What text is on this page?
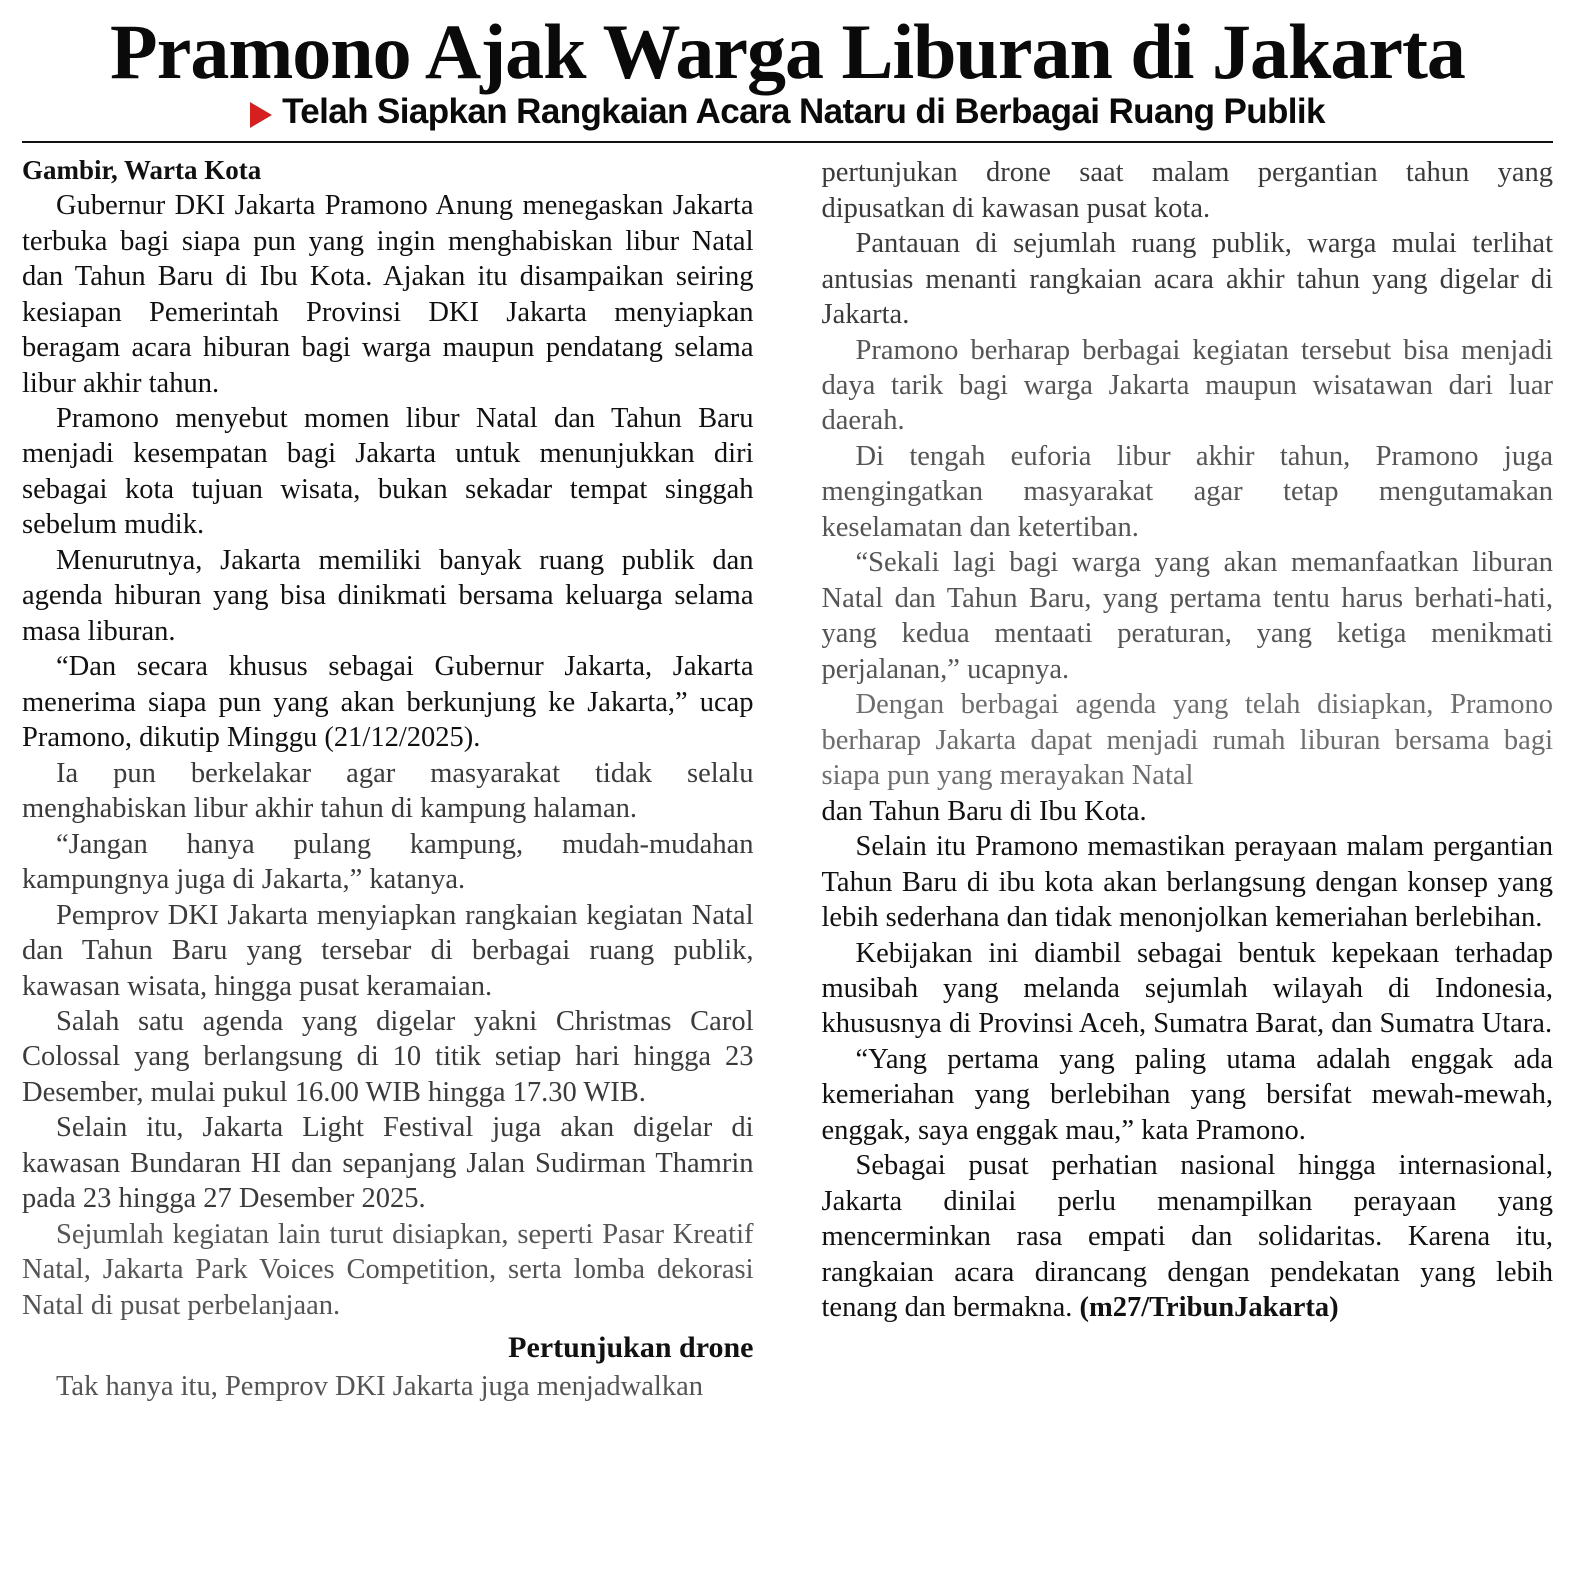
Pramono Ajak Warga Liburan di Jakarta
Telah Siapkan Rangkaian Acara Nataru di Berbagai Ruang Publik
Gambir, Warta Kota

Gubernur DKI Jakarta Pramono Anung menegaskan Jakarta terbuka bagi siapa pun yang ingin menghabiskan libur Natal dan Tahun Baru di Ibu Kota. Ajakan itu disampaikan seiring kesiapan Pemerintah Provinsi DKI Jakarta menyiapkan beragam acara hiburan bagi warga maupun pendatang selama libur akhir tahun.

Pramono menyebut momen libur Natal dan Tahun Baru menjadi kesempatan bagi Jakarta untuk menunjukkan diri sebagai kota tujuan wisata, bukan sekadar tempat singgah sebelum mudik.

Menurutnya, Jakarta memiliki banyak ruang publik dan agenda hiburan yang bisa dinikmati bersama keluarga selama masa liburan.

“Dan secara khusus sebagai Gubernur Jakarta, Jakarta menerima siapa pun yang akan berkunjung ke Jakarta,” ucap Pramono, dikutip Minggu (21/12/2025).

Ia pun berkelakar agar masyarakat tidak selalu menghabiskan libur akhir tahun di kampung halaman.

“Jangan hanya pulang kampung, mudah-mudahan kampungnya juga di Jakarta,” katanya.

Pemprov DKI Jakarta menyiapkan rangkaian kegiatan Natal dan Tahun Baru yang tersebar di berbagai ruang publik, kawasan wisata, hingga pusat keramaian.

Salah satu agenda yang digelar yakni Christmas Carol Colossal yang berlangsung di 10 titik setiap hari hingga 23 Desember, mulai pukul 16.00 WIB hingga 17.30 WIB.

Selain itu, Jakarta Light Festival juga akan digelar di kawasan Bundaran HI dan sepanjang Jalan Sudirman Thamrin pada 23 hingga 27 Desember 2025.

Sejumlah kegiatan lain turut disiapkan, seperti Pasar Kreatif Natal, Jakarta Park Voices Competition, serta lomba dekorasi Natal di pusat perbelanjaan.

Pertunjukan drone

Tak hanya itu, Pemprov DKI Jakarta juga menjadwalkan

pertunjukan drone saat malam pergantian tahun yang dipusatkan di kawasan pusat kota.

Pantauan di sejumlah ruang publik, warga mulai terlihat antusias menanti rangkaian acara akhir tahun yang digelar di Jakarta.

Pramono berharap berbagai kegiatan tersebut bisa menjadi daya tarik bagi warga Jakarta maupun wisatawan dari luar daerah.

Di tengah euforia libur akhir tahun, Pramono juga mengingatkan masyarakat agar tetap mengutamakan keselamatan dan ketertiban.

“Sekali lagi bagi warga yang akan memanfaatkan liburan Natal dan Tahun Baru, yang pertama tentu harus berhati-hati, yang kedua mentaati peraturan, yang ketiga menikmati perjalanan,” ucapnya.

Dengan berbagai agenda yang telah disiapkan, Pramono berharap Jakarta dapat menjadi rumah liburan bersama bagi siapa pun yang merayakan Natal

dan Tahun Baru di Ibu Kota.

Selain itu Pramono memastikan perayaan malam pergantian Tahun Baru di ibu kota akan berlangsung dengan konsep yang lebih sederhana dan tidak menonjolkan kemeriahan berlebihan.

Kebijakan ini diambil sebagai bentuk kepekaan terhadap musibah yang melanda sejumlah wilayah di Indonesia, khususnya di Provinsi Aceh, Sumatra Barat, dan Sumatra Utara.

“Yang pertama yang paling utama adalah enggak ada kemeriahan yang berlebihan yang bersifat mewah-mewah, enggak, saya enggak mau,” kata Pramono.

Sebagai pusat perhatian nasional hingga internasional, Jakarta dinilai perlu menampilkan perayaan yang mencerminkan rasa empati dan solidaritas. Karena itu, rangkaian acara dirancang dengan pendekatan yang lebih tenang dan bermakna. (m27/TribunJakarta)
